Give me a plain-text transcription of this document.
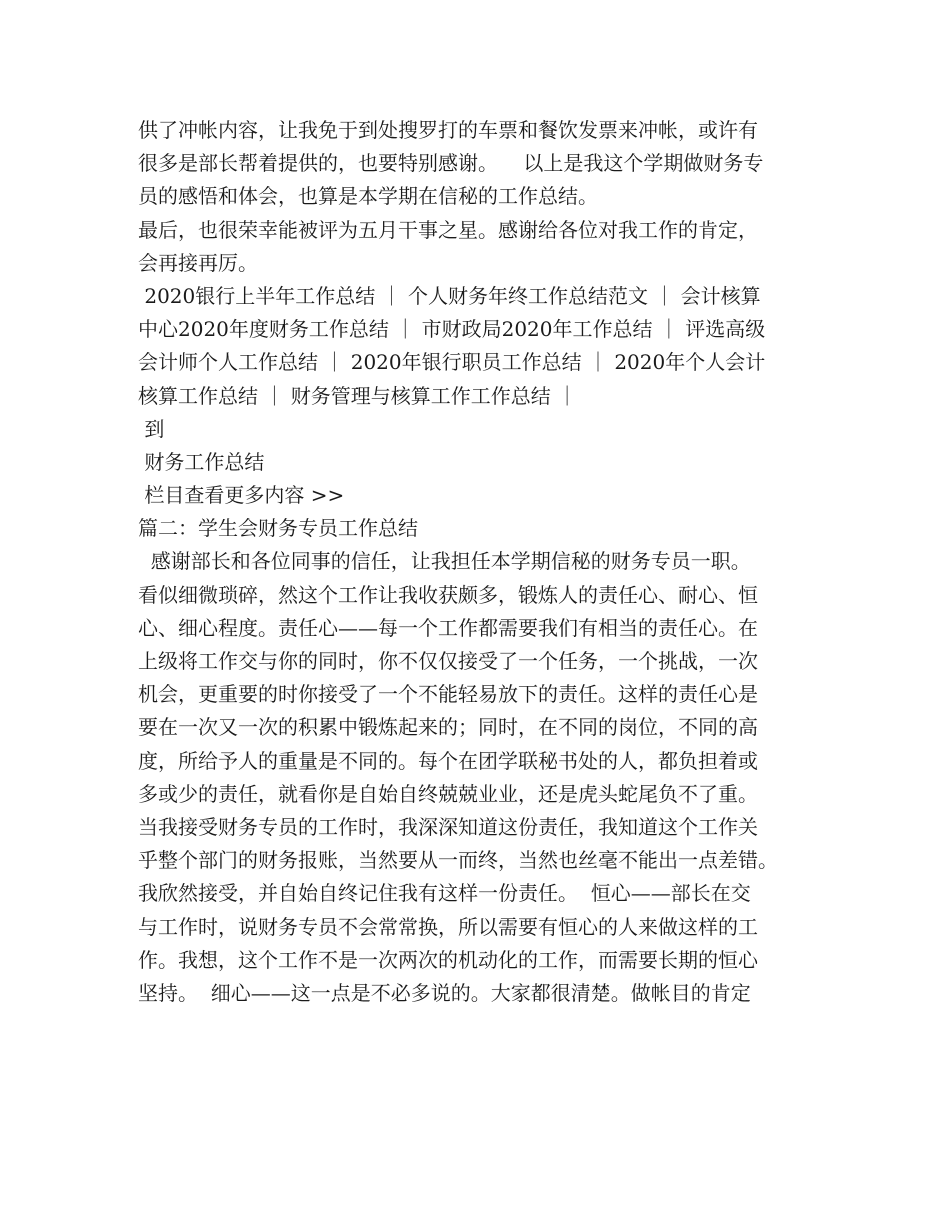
供了冲帐内容，让我免于到处搜罗打的车票和餐饮发票来冲帐，或许有
很多是部长帮着提供的，也要特别感谢。    以上是我这个学期做财务专
员的感悟和体会，也算是本学期在信秘的工作总结。
最后，也很荣幸能被评为五月干事之星。感谢给各位对我工作的肯定，
会再接再厉。
2020银行上半年工作总结 ｜ 个人财务年终工作总结范文 ｜ 会计核算
中心2020年度财务工作总结 ｜ 市财政局2020年工作总结 ｜ 评选高级
会计师个人工作总结 ｜ 2020年银行职员工作总结 ｜ 2020年个人会计
核算工作总结 ｜ 财务管理与核算工作工作总结 ｜
到
财务工作总结
栏目查看更多内容 >>
篇二：学生会财务专员工作总结
感谢部长和各位同事的信任，让我担任本学期信秘的财务专员一职。
看似细微琐碎，然这个工作让我收获颇多，锻炼人的责任心、耐心、恒
心、细心程度。责任心——每一个工作都需要我们有相当的责任心。在
上级将工作交与你的同时，你不仅仅接受了一个任务，一个挑战，一次
机会，更重要的时你接受了一个不能轻易放下的责任。这样的责任心是
要在一次又一次的积累中锻炼起来的；同时，在不同的岗位，不同的高
度，所给予人的重量是不同的。每个在团学联秘书处的人，都负担着或
多或少的责任，就看你是自始自终兢兢业业，还是虎头蛇尾负不了重。
当我接受财务专员的工作时，我深深知道这份责任，我知道这个工作关
乎整个部门的财务报账，当然要从一而终，当然也丝毫不能出一点差错。
我欣然接受，并自始自终记住我有这样一份责任。  恒心——部长在交
与工作时，说财务专员不会常常换，所以需要有恒心的人来做这样的工
作。我想，这个工作不是一次两次的机动化的工作，而需要长期的恒心
坚持。  细心——这一点是不必多说的。大家都很清楚。做帐目的肯定
